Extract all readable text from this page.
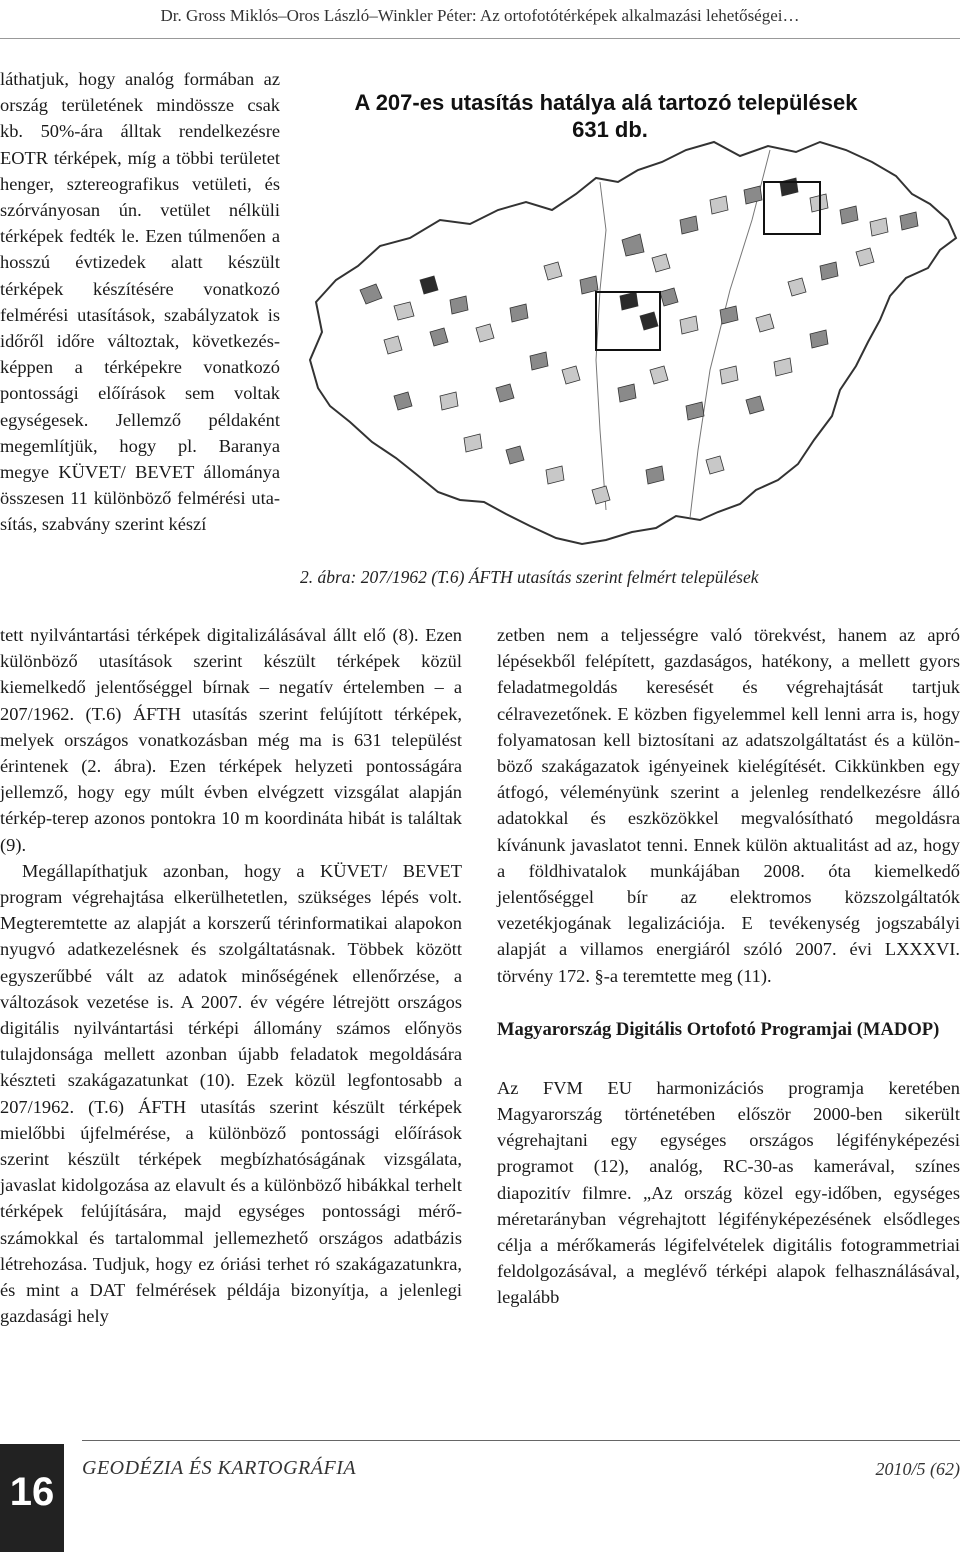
Dr. Gross Miklós–Oros László–Winkler Péter: Az ortofotótérképek alkalmazási lehetőségei…

láthatjuk, hogy analóg formában az ország területének mindössze csak kb. 50%-ára álltak rendelkezésre EOTR térképek, míg a többi területet henger, sztereografikus vetületi, és szórványosan ún. vetület nélküli térképek fedték le. Ezen túlmenően a hosszú évtizedek alatt készült térképek készítésére vonatkozó felmérési utasítások, szabályzatok is időről időre változtak, következésképpen a térképekre vonatkozó pontossági előírások sem voltak egységesek. Jellemző példaként megemlítjük, hogy pl. Baranya megye KÜVET/ BEVET állománya összesen 11 különböző felmérési utasítás, szabvány szerint készí

A 207-es utasítás hatálya alá tartozó települések
631 db.
2. ábra: 207/1962 (T.6) ÁFTH utasítás szerint felmért települések

tett nyilvántartási térképek digitalizálásával állt elő (8). Ezen különböző utasítások szerint készült térképek közül kiemelkedő jelentőséggel bírnak – negatív értelemben – a 207/1962. (T.6) ÁFTH utasítás szerint felújított térképek, melyek országos vonatkozásban még ma is 631 települést érintenek (2. ábra). Ezen térképek helyzeti pontosságára jellemző, hogy egy múlt évben elvégzett vizsgálat alapján térkép-terep azonos pontokra 10 m koordináta hibát is találtak (9).

Megállapíthatjuk azonban, hogy a KÜVET/ BEVET program végrehajtása elkerülhetetlen, szükséges lépés volt. Megteremtette az alapját a korszerű térinformatikai alapokon nyugvó adatkezelésnek és szolgáltatásnak. Többek között egyszerűbbé vált az adatok minőségének ellenőrzése, a változások vezetése is. A 2007. év végére létrejött országos digitális nyilvántartási térképi állomány számos előnyös tulajdonsága mellett azonban újabb feladatok megoldására készteti szakágazatunkat (10). Ezek közül legfontosabb a 207/1962. (T.6) ÁFTH utasítás szerint készült térképek mielőbbi újfelmérése, a különböző pontossági előírások szerint készült térképek megbízhatóságának vizsgálata, javaslat kidolgozása az elavult és a különböző hibákkal terhelt térképek felújítására, majd egységes pontossági mérőszámokkal és tartalommal jellemezhető országos adatbázis létrehozása. Tudjuk, hogy ez óriási terhet ró szakágazatunkra, és mint a DAT felmérések példája bizonyítja, a jelenlegi gazdasági hely

zetben nem a teljességre való törekvést, hanem az apró lépésekből felépített, gazdaságos, hatékony, a mellett gyors feladatmegoldás keresését és végrehajtását tartjuk célravezetőnek. E közben figyelemmel kell lenni arra is, hogy folyamatosan kell biztosítani az adatszolgáltatást és a különböző szakágazatok igényeinek kielégítését. Cikkünkben egy átfogó, véleményünk szerint a jelenleg rendelkezésre álló adatokkal és eszközökkel megvalósítható megoldásra kívánunk javaslatot tenni. Ennek külön aktualitást ad az, hogy a földhivatalok munkájában 2008. óta kiemelkedő jelentőséggel bír az elektromos közszolgáltatók vezetékjogának legalizációja. E tevékenység jogszabályi alapját a villamos energiáról szóló 2007. évi LXXXVI. törvény 172. §-a teremtette meg (11).

Magyarország Digitális Ortofotó Programjai (MADOP)

Az FVM EU harmonizációs programja keretében Magyarország történetében először 2000-ben sikerült végrehajtani egy egységes országos légifényképezési programot (12), analóg, RC-30-as kamerával, színes diapozitív filmre. „Az ország közel egy-időben, egységes méretarányban végrehajtott légifényképezésének elsődleges célja a mérőkamerás légifelvételek digitális fotogrammetriai feldolgozásával, a meglévő térképi alapok felhasználásával, legalább

16
GEODÉZIA ÉS KARTOGRÁFIA	2010/5 (62)
